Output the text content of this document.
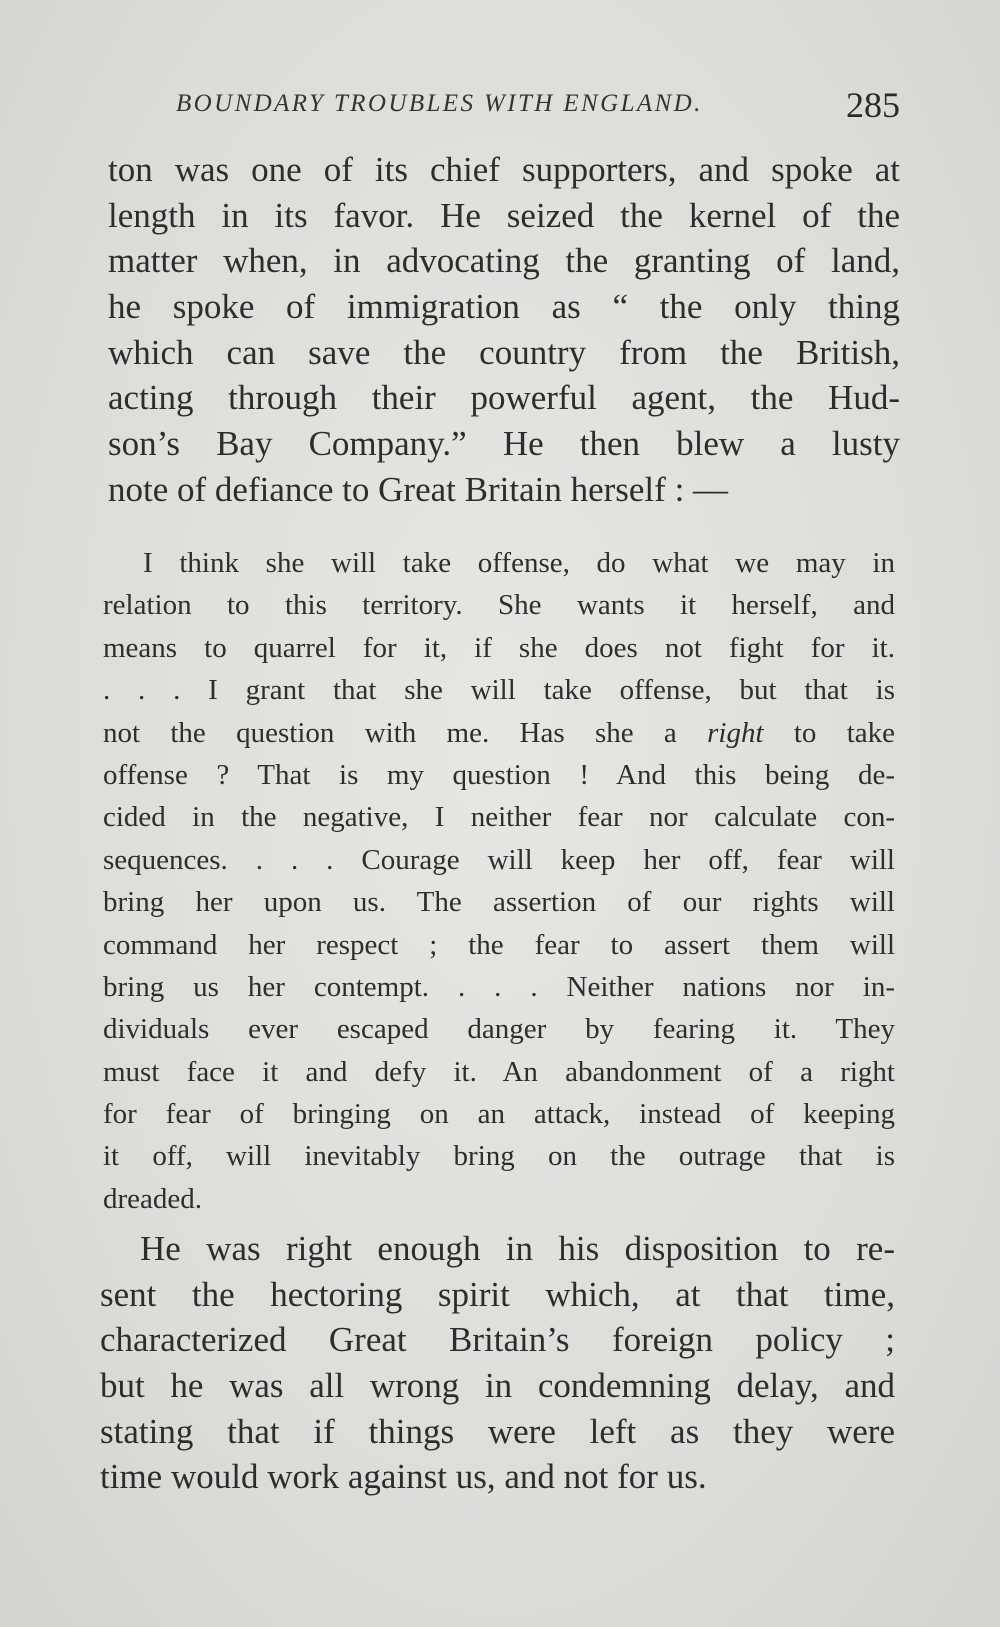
BOUNDARY TROUBLES WITH ENGLAND.	285
ton was one of its chief supporters, and spoke at
length in its favor. He seized the kernel of the
matter when, in advocating the granting of land,
he spoke of immigration as “ the only thing
which can save the country from the British,
acting through their powerful agent, the Hud-
son’s Bay Company.” He then blew a lusty
note of defiance to Great Britain herself : —
I think she will take offense, do what we may in
relation to this territory. She wants it herself, and
means to quarrel for it, if she does not fight for it.
. . . I grant that she will take offense, but that is
not the question with me. Has she a right to take
offense ? That is my question ! And this being de-
cided in the negative, I neither fear nor calculate con-
sequences. . . . Courage will keep her off, fear will
bring her upon us. The assertion of our rights will
command her respect ; the fear to assert them will
bring us her contempt. . . . Neither nations nor in-
dividuals ever escaped danger by fearing it. They
must face it and defy it. An abandonment of a right
for fear of bringing on an attack, instead of keeping
it off, will inevitably bring on the outrage that is
dreaded.
He was right enough in his disposition to re-
sent the hectoring spirit which, at that time,
characterized Great Britain’s foreign policy ;
but he was all wrong in condemning delay, and
stating that if things were left as they were
time would work against us, and not for us.
